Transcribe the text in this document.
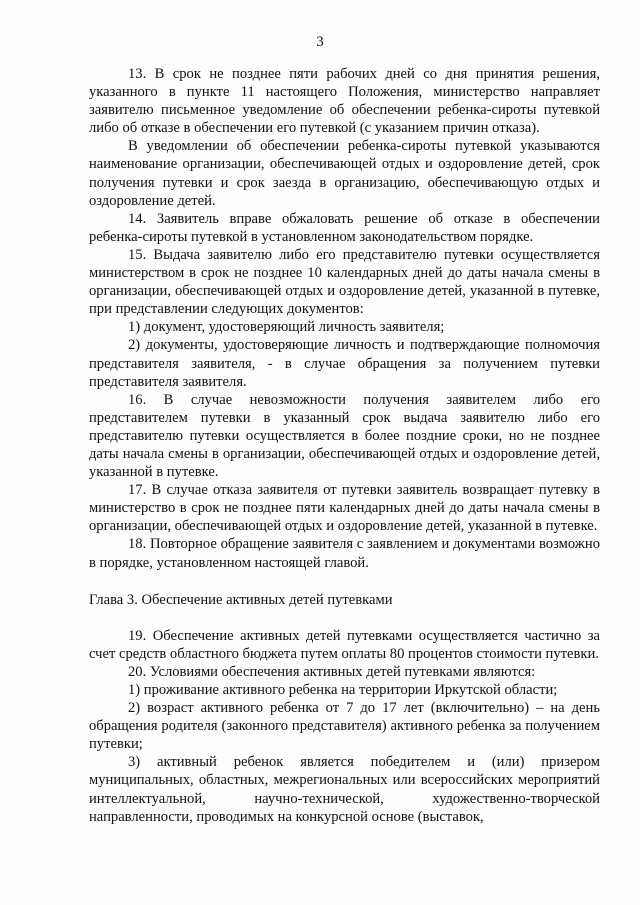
3

13. В срок не позднее пяти рабочих дней со дня принятия решения, указанного в пункте 11 настоящего Положения, министерство направляет заявителю письменное уведомление об обеспечении ребенка-сироты путевкой либо об отказе в обеспечении его путевкой (с указанием причин отказа).

В уведомлении об обеспечении ребенка-сироты путевкой указываются наименование организации, обеспечивающей отдых и оздоровление детей, срок получения путевки и срок заезда в организацию, обеспечивающую отдых и оздоровление детей.

14. Заявитель вправе обжаловать решение об отказе в обеспечении ребенка-сироты путевкой в установленном законодательством порядке.

15. Выдача заявителю либо его представителю путевки осуществляется министерством в срок не позднее 10 календарных дней до даты начала смены в организации, обеспечивающей отдых и оздоровление детей, указанной в путевке, при представлении следующих документов:

1) документ, удостоверяющий личность заявителя;

2) документы, удостоверяющие личность и подтверждающие полномочия представителя заявителя, - в случае обращения за получением путевки представителя заявителя.

16. В случае невозможности получения заявителем либо его представителем путевки в указанный срок выдача заявителю либо его представителю путевки осуществляется в более поздние сроки, но не позднее даты начала смены в организации, обеспечивающей отдых и оздоровление детей, указанной в путевке.

17. В случае отказа заявителя от путевки заявитель возвращает путевку в министерство в срок не позднее пяти календарных дней до даты начала смены в организации, обеспечивающей отдых и оздоровление детей, указанной в путевке.

18. Повторное обращение заявителя с заявлением и документами возможно в порядке, установленном настоящей главой.

Глава 3. Обеспечение активных детей путевками

19. Обеспечение активных детей путевками осуществляется частично за счет средств областного бюджета путем оплаты 80 процентов стоимости путевки.

20. Условиями обеспечения активных детей путевками являются:

1) проживание активного ребенка на территории Иркутской области;

2) возраст активного ребенка от 7 до 17 лет (включительно) – на день обращения родителя (законного представителя) активного ребенка за получением путевки;

3) активный ребенок является победителем и (или) призером муниципальных, областных, межрегиональных или всероссийских мероприятий интеллектуальной, научно-технической, художественно-творческой направленности, проводимых на конкурсной основе (выставок,
